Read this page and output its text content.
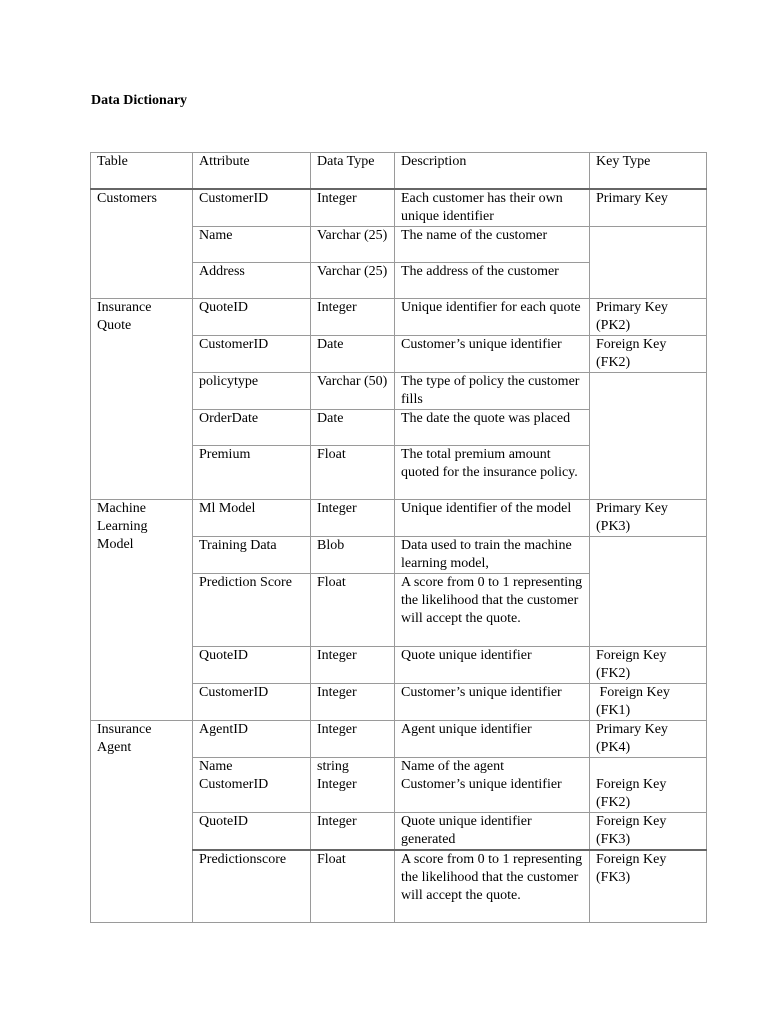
Data Dictionary
Table	Attribute	Data Type	Description	Key Type
Customers	CustomerID	Integer	Each customer has their own unique identifier	Primary Key
	Name	Varchar (25)	The name of the customer	
	Address	Varchar (25)	The address of the customer	
Insurance Quote	QuoteID	Integer	Unique identifier for each quote	Primary Key (PK2)
	CustomerID	Date	Customer’s unique identifier	Foreign Key (FK2)
	policytype	Varchar (50)	The type of policy the customer fills	
	OrderDate	Date	The date the quote was placed	
	Premium	Float	The total premium amount quoted for the insurance policy.	
Machine Learning Model	Ml Model	Integer	Unique identifier of the model	Primary Key (PK3)
	Training Data	Blob	Data used to train the machine learning model,	
	Prediction Score	Float	A score from 0 to 1 representing the likelihood that the customer will accept the quote.	
	QuoteID	Integer	Quote unique identifier	Foreign Key (FK2)
	CustomerID	Integer	Customer’s unique identifier	Foreign Key (FK1)
Insurance Agent	AgentID	Integer	Agent unique identifier	Primary Key (PK4)
	Name	string	Name of the agent	
	CustomerID	Integer	Customer’s unique identifier	Foreign Key (FK2)
	QuoteID	Integer	Quote unique identifier generated	Foreign Key (FK3)
	Predictionscore	Float	A score from 0 to 1 representing the likelihood that the customer will accept the quote.	Foreign Key (FK3)
